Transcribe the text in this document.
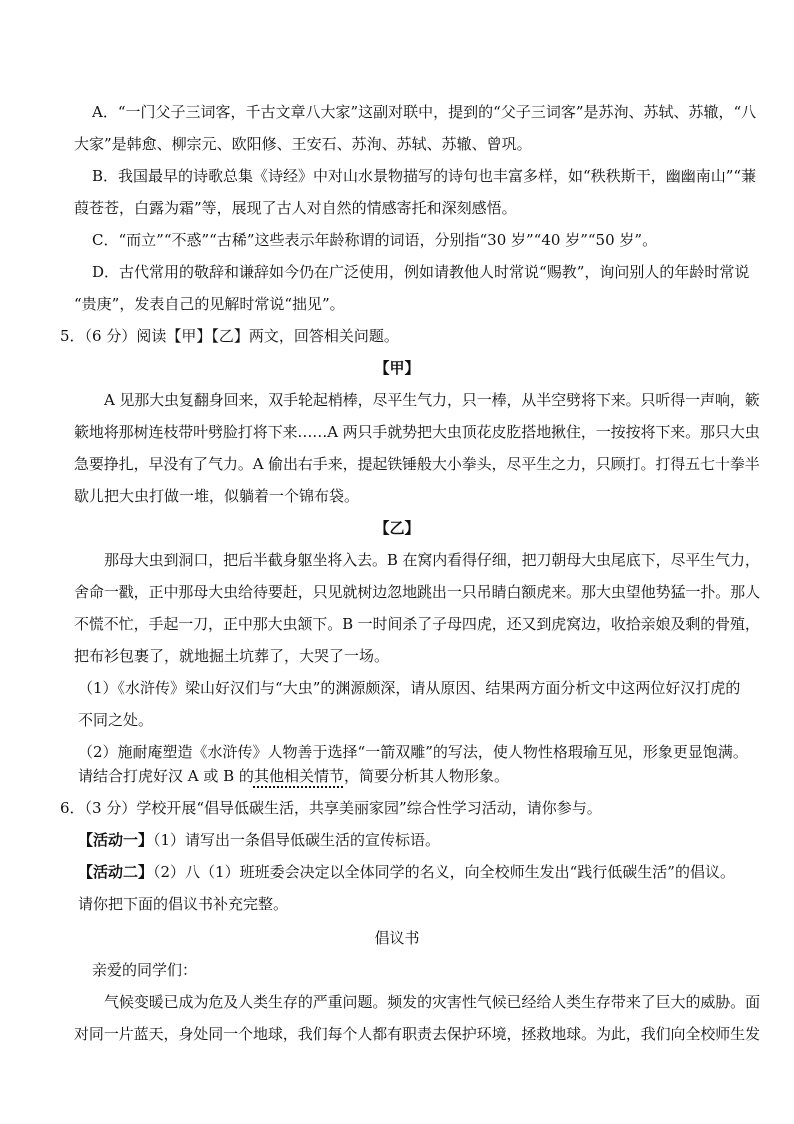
A．“一门父子三词客，千古文章八大家”这副对联中，提到的“父子三词客”是苏洵、苏轼、苏辙，“八
大家”是韩愈、柳宗元、欧阳修、王安石、苏洵、苏轼、苏辙、曾巩。
B．我国最早的诗歌总集《诗经》中对山水景物描写的诗句也丰富多样，如“秩秩斯干，幽幽南山”“蒹
葭苍苍，白露为霜”等，展现了古人对自然的情感寄托和深刻感悟。
C．“而立”“不惑”“古稀”这些表示年龄称谓的词语，分别指“30 岁”“40 岁”“50 岁”。
D．古代常用的敬辞和谦辞如今仍在广泛使用，例如请教他人时常说“赐教”，询问别人的年龄时常说
“贵庚”，发表自己的见解时常说“拙见”。
5．（6 分）阅读【甲】【乙】两文，回答相关问题。
【甲】
A 见那大虫复翻身回来，双手轮起梢棒，尽平生气力，只一棒，从半空劈将下来。只听得一声响，簌
簌地将那树连枝带叶劈脸打将下来……A 两只手就势把大虫顶花皮肐搭地揪住，一按按将下来。那只大虫
急要挣扎，早没有了气力。A 偷出右手来，提起铁锤般大小拳头，尽平生之力，只顾打。打得五七十拳半
歇儿把大虫打做一堆，似躺着一个锦布袋。
【乙】
那母大虫到洞口，把后半截身躯坐将入去。B 在窝内看得仔细，把刀朝母大虫尾底下，尽平生气力，
舍命一戳，正中那母大虫给待要赶，只见就树边忽地跳出一只吊睛白额虎来。那大虫望他势猛一扑。那人
不慌不忙，手起一刀，正中那大虫颔下。B 一时间杀了子母四虎，还又到虎窝边，收拾亲娘及剩的骨殖，
把布衫包裹了，就地掘土坑葬了，大哭了一场。
（1）《水浒传》梁山好汉们与“大虫”的渊源颇深，请从原因、结果两方面分析文中这两位好汉打虎的
不同之处。
（2）施耐庵塑造《水浒传》人物善于选择“一箭双雕”的写法，使人物性格瑕瑜互见，形象更显饱满。
请结合打虎好汉 A 或 B 的其他相关情节，简要分析其人物形象。
6．（3 分）学校开展“倡导低碳生活，共享美丽家园”综合性学习活动，请你参与。
【活动一】（1）请写出一条倡导低碳生活的宣传标语。
【活动二】（2）八（1）班班委会决定以全体同学的名义，向全校师生发出“践行低碳生活”的倡议。
请你把下面的倡议书补充完整。
倡议书
亲爱的同学们：
气候变暖已成为危及人类生存的严重问题。频发的灾害性气候已经给人类生存带来了巨大的威胁。面
对同一片蓝天，身处同一个地球，我们每个人都有职责去保护环境，拯救地球。为此，我们向全校师生发
